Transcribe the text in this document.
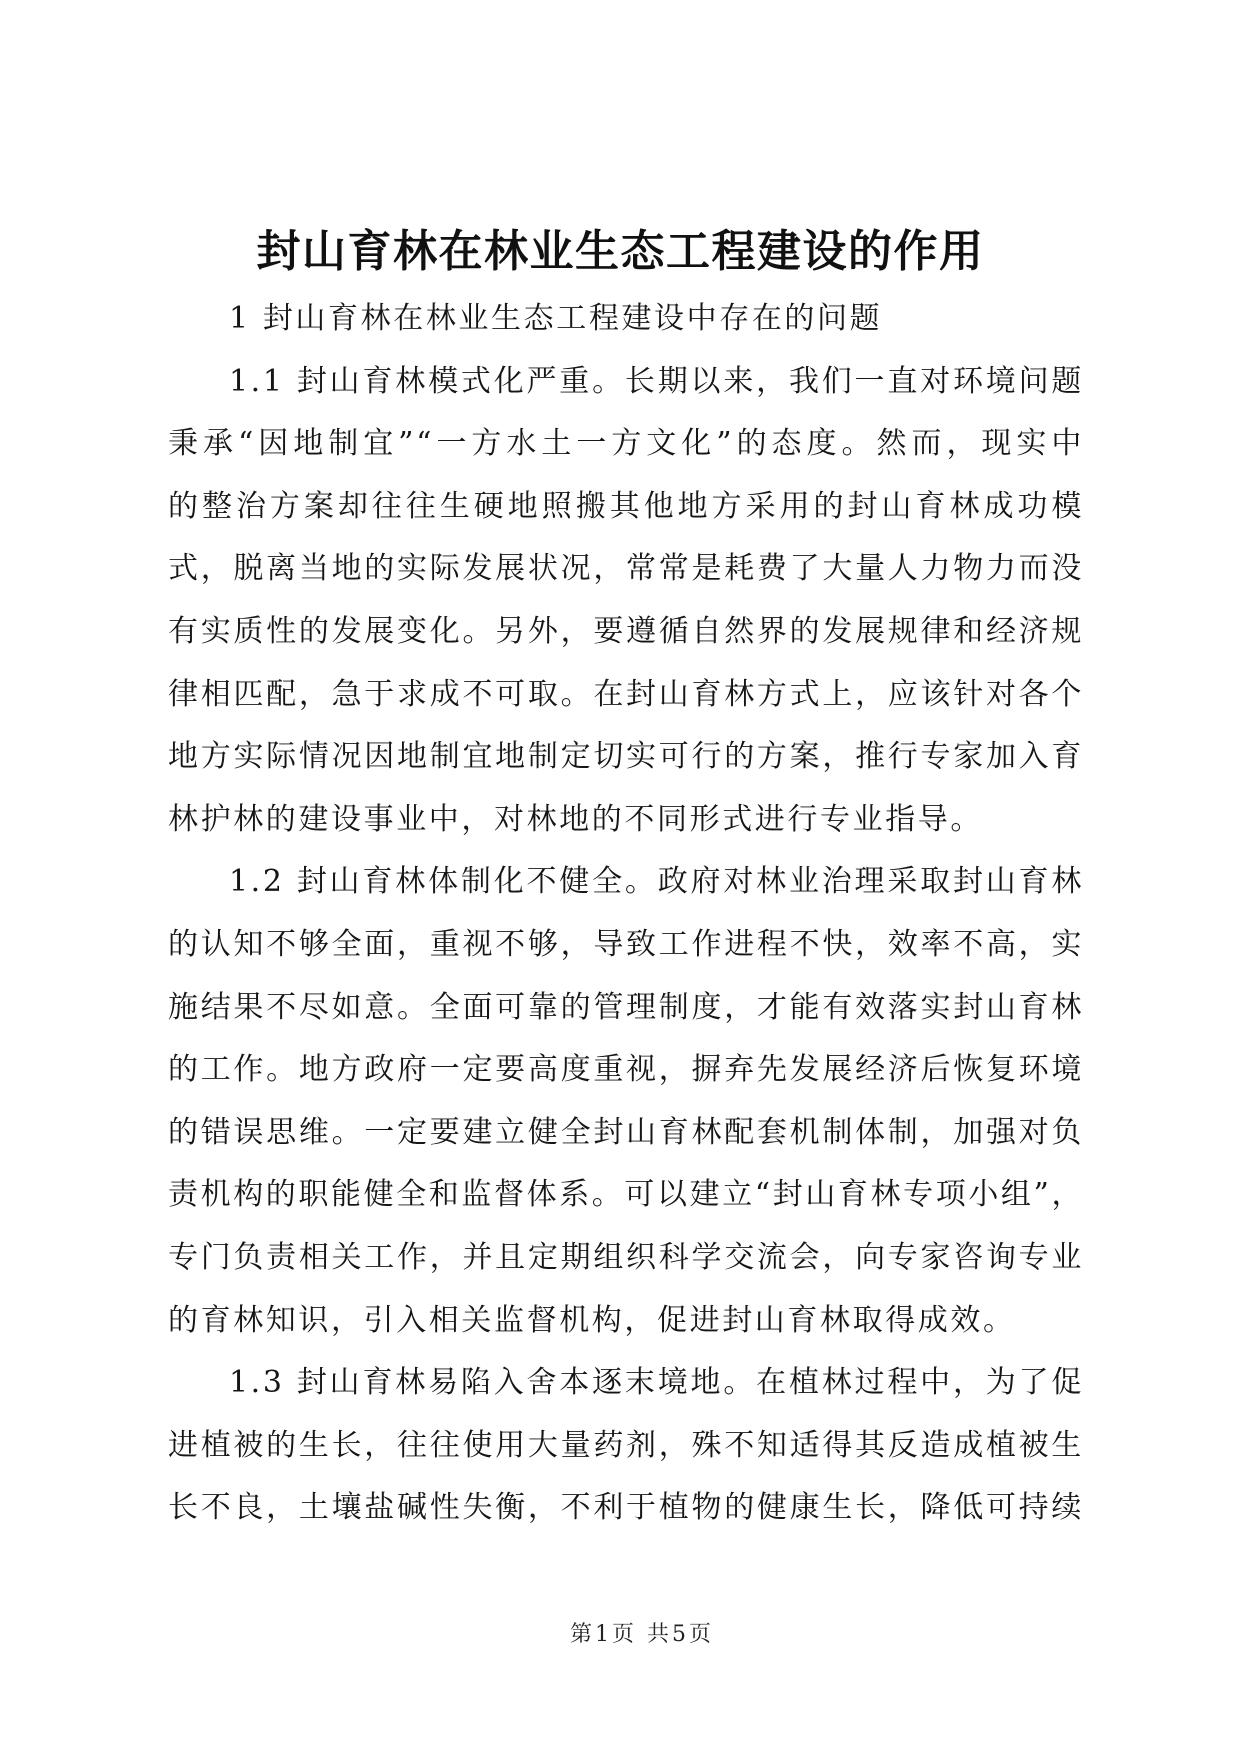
封山育林在林业生态工程建设的作用
1 封山育林在林业生态工程建设中存在的问题
1.1 封山育林模式化严重。长期以来，我们一直对环境问题
秉承“因地制宜”“一方水土一方文化”的态度。然而，现实中
的整治方案却往往生硬地照搬其他地方采用的封山育林成功模
式，脱离当地的实际发展状况，常常是耗费了大量人力物力而没
有实质性的发展变化。另外，要遵循自然界的发展规律和经济规
律相匹配，急于求成不可取。在封山育林方式上，应该针对各个
地方实际情况因地制宜地制定切实可行的方案，推行专家加入育
林护林的建设事业中，对林地的不同形式进行专业指导。
1.2 封山育林体制化不健全。政府对林业治理采取封山育林
的认知不够全面，重视不够，导致工作进程不快，效率不高，实
施结果不尽如意。全面可靠的管理制度，才能有效落实封山育林
的工作。地方政府一定要高度重视，摒弃先发展经济后恢复环境
的错误思维。一定要建立健全封山育林配套机制体制，加强对负
责机构的职能健全和监督体系。可以建立“封山育林专项小组”，
专门负责相关工作，并且定期组织科学交流会，向专家咨询专业
的育林知识，引入相关监督机构，促进封山育林取得成效。
1.3 封山育林易陷入舍本逐末境地。在植林过程中，为了促
进植被的生长，往往使用大量药剂，殊不知适得其反造成植被生
长不良，土壤盐碱性失衡，不利于植物的健康生长，降低可持续
第1页 共5页
